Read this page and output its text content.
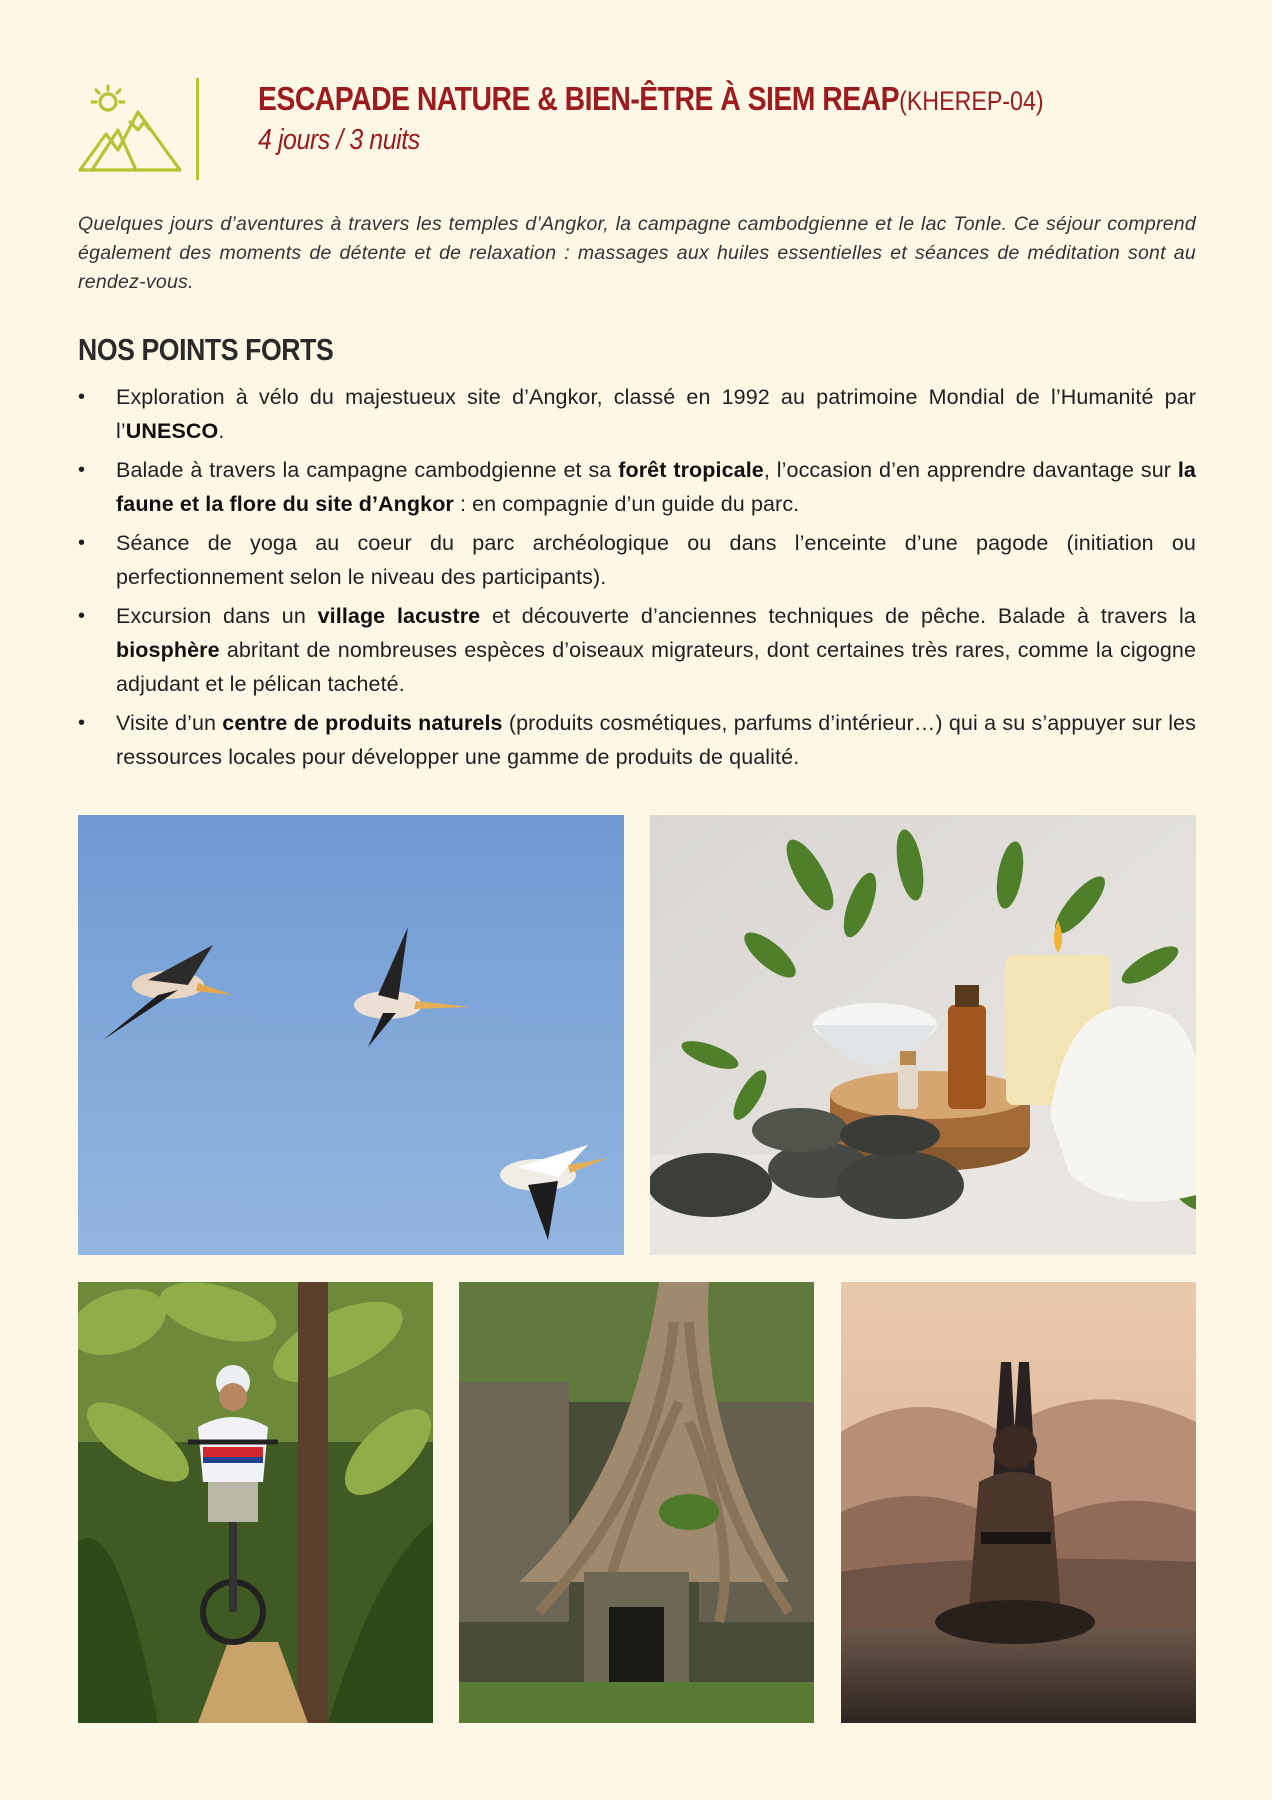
ESCAPADE NATURE & BIEN-ÊTRE À SIEM REAP(KHEREP-04)
4 jours / 3 nuits
Quelques jours d’aventures à travers les temples d’Angkor, la campagne cambodgienne et le lac Tonle. Ce séjour comprend également des moments de détente et de relaxation : massages aux huiles essentielles et séances de méditation sont au rendez-vous.
NOS POINTS FORTS
• Exploration à vélo du majestueux site d’Angkor, classé en 1992 au patrimoine Mondial de l’Humanité par l’UNESCO.
• Balade à travers la campagne cambodgienne et sa forêt tropicale, l’occasion d’en apprendre davantage sur la faune et la flore du site d’Angkor : en compagnie d’un guide du parc.
• Séance de yoga au coeur du parc archéologique ou dans l’enceinte d’une pagode (initiation ou perfectionnement selon le niveau des participants).
• Excursion dans un village lacustre et découverte d’anciennes techniques de pêche. Balade à travers la biosphère abritant de nombreuses espèces d’oiseaux migrateurs, dont certaines très rares, comme la cigogne adjudant et le pélican tacheté.
• Visite d’un centre de produits naturels (produits cosmétiques, parfums d’intérieur…) qui a su s’appuyer sur les ressources locales pour développer une gamme de produits de qualité.
